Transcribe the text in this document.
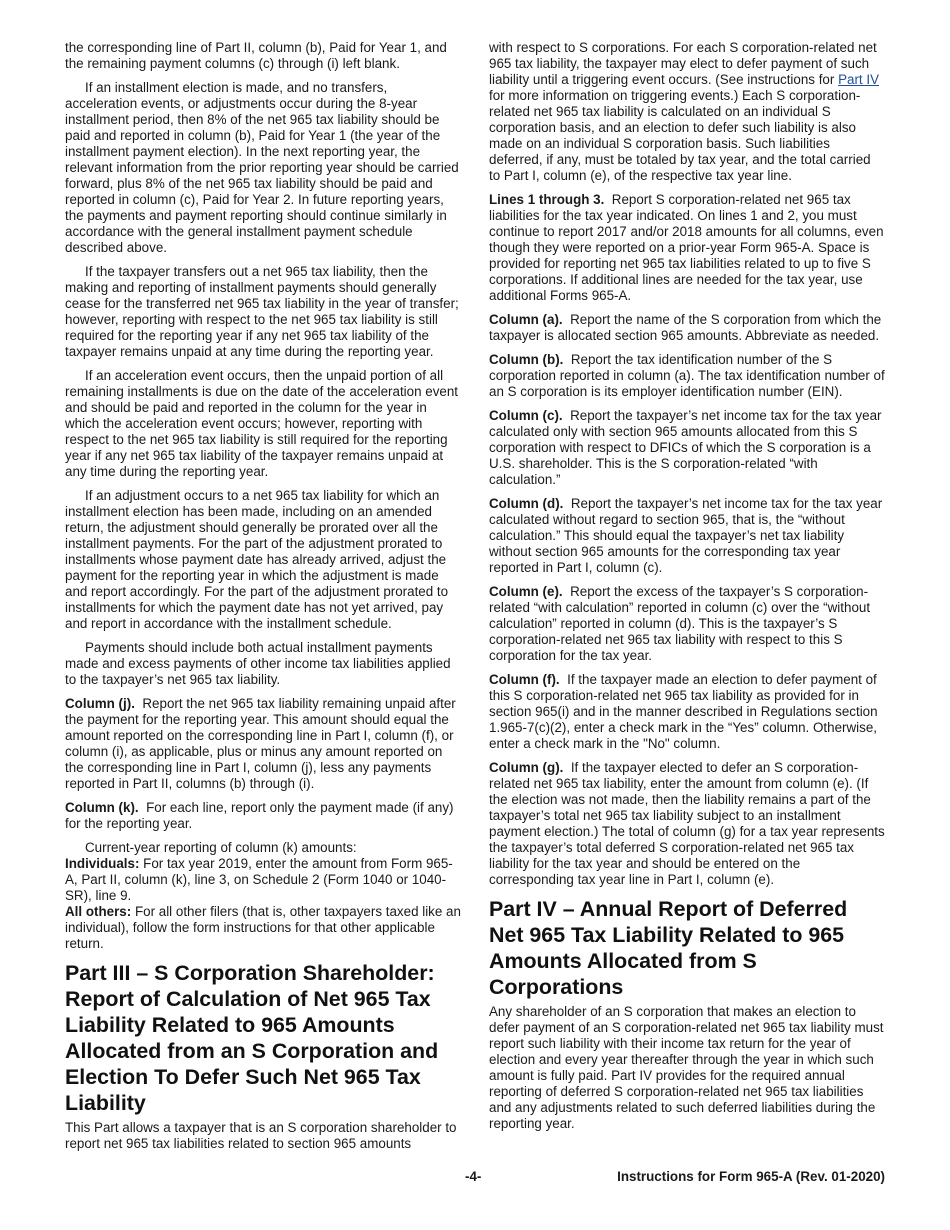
the corresponding line of Part II, column (b), Paid for Year 1, and the remaining payment columns (c) through (i) left blank.

If an installment election is made, and no transfers, acceleration events, or adjustments occur during the 8-year installment period, then 8% of the net 965 tax liability should be paid and reported in column (b), Paid for Year 1 (the year of the installment payment election). In the next reporting year, the relevant information from the prior reporting year should be carried forward, plus 8% of the net 965 tax liability should be paid and reported in column (c), Paid for Year 2. In future reporting years, the payments and payment reporting should continue similarly in accordance with the general installment payment schedule described above.

If the taxpayer transfers out a net 965 tax liability, then the making and reporting of installment payments should generally cease for the transferred net 965 tax liability in the year of transfer; however, reporting with respect to the net 965 tax liability is still required for the reporting year if any net 965 tax liability of the taxpayer remains unpaid at any time during the reporting year.

If an acceleration event occurs, then the unpaid portion of all remaining installments is due on the date of the acceleration event and should be paid and reported in the column for the year in which the acceleration event occurs; however, reporting with respect to the net 965 tax liability is still required for the reporting year if any net 965 tax liability of the taxpayer remains unpaid at any time during the reporting year.

If an adjustment occurs to a net 965 tax liability for which an installment election has been made, including on an amended return, the adjustment should generally be prorated over all the installment payments. For the part of the adjustment prorated to installments whose payment date has already arrived, adjust the payment for the reporting year in which the adjustment is made and report accordingly. For the part of the adjustment prorated to installments for which the payment date has not yet arrived, pay and report in accordance with the installment schedule.

Payments should include both actual installment payments made and excess payments of other income tax liabilities applied to the taxpayer’s net 965 tax liability.

Column (j). Report the net 965 tax liability remaining unpaid after the payment for the reporting year. This amount should equal the amount reported on the corresponding line in Part I, column (f), or column (i), as applicable, plus or minus any amount reported on the corresponding line in Part I, column (j), less any payments reported in Part II, columns (b) through (i).

Column (k). For each line, report only the payment made (if any) for the reporting year.

Current-year reporting of column (k) amounts:

Individuals: For tax year 2019, enter the amount from Form 965-A, Part II, column (k), line 3, on Schedule 2 (Form 1040 or 1040-SR), line 9.

All others: For all other filers (that is, other taxpayers taxed like an individual), follow the form instructions for that other applicable return.

Part III – S Corporation Shareholder: Report of Calculation of Net 965 Tax Liability Related to 965 Amounts Allocated from an S Corporation and Election To Defer Such Net 965 Tax Liability

This Part allows a taxpayer that is an S corporation shareholder to report net 965 tax liabilities related to section 965 amounts

with respect to S corporations. For each S corporation-related net 965 tax liability, the taxpayer may elect to defer payment of such liability until a triggering event occurs. (See instructions for Part IV for more information on triggering events.) Each S corporation-related net 965 tax liability is calculated on an individual S corporation basis, and an election to defer such liability is also made on an individual S corporation basis. Such liabilities deferred, if any, must be totaled by tax year, and the total carried to Part I, column (e), of the respective tax year line.

Lines 1 through 3. Report S corporation-related net 965 tax liabilities for the tax year indicated. On lines 1 and 2, you must continue to report 2017 and/or 2018 amounts for all columns, even though they were reported on a prior-year Form 965-A. Space is provided for reporting net 965 tax liabilities related to up to five S corporations. If additional lines are needed for the tax year, use additional Forms 965-A.

Column (a). Report the name of the S corporation from which the taxpayer is allocated section 965 amounts. Abbreviate as needed.

Column (b). Report the tax identification number of the S corporation reported in column (a). The tax identification number of an S corporation is its employer identification number (EIN).

Column (c). Report the taxpayer’s net income tax for the tax year calculated only with section 965 amounts allocated from this S corporation with respect to DFICs of which the S corporation is a U.S. shareholder. This is the S corporation-related “with calculation.”

Column (d). Report the taxpayer’s net income tax for the tax year calculated without regard to section 965, that is, the “without calculation.” This should equal the taxpayer’s net tax liability without section 965 amounts for the corresponding tax year reported in Part I, column (c).

Column (e). Report the excess of the taxpayer’s S corporation-related “with calculation” reported in column (c) over the “without calculation” reported in column (d). This is the taxpayer’s S corporation-related net 965 tax liability with respect to this S corporation for the tax year.

Column (f). If the taxpayer made an election to defer payment of this S corporation-related net 965 tax liability as provided for in section 965(i) and in the manner described in Regulations section 1.965-7(c)(2), enter a check mark in the “Yes” column. Otherwise, enter a check mark in the "No" column.

Column (g). If the taxpayer elected to defer an S corporation-related net 965 tax liability, enter the amount from column (e). (If the election was not made, then the liability remains a part of the taxpayer’s total net 965 tax liability subject to an installment payment election.) The total of column (g) for a tax year represents the taxpayer’s total deferred S corporation-related net 965 tax liability for the tax year and should be entered on the corresponding tax year line in Part I, column (e).

Part IV – Annual Report of Deferred Net 965 Tax Liability Related to 965 Amounts Allocated from S Corporations

Any shareholder of an S corporation that makes an election to defer payment of an S corporation-related net 965 tax liability must report such liability with their income tax return for the year of election and every year thereafter through the year in which such amount is fully paid. Part IV provides for the required annual reporting of deferred S corporation-related net 965 tax liabilities and any adjustments related to such deferred liabilities during the reporting year.

-4-	Instructions for Form 965-A (Rev. 01-2020)
